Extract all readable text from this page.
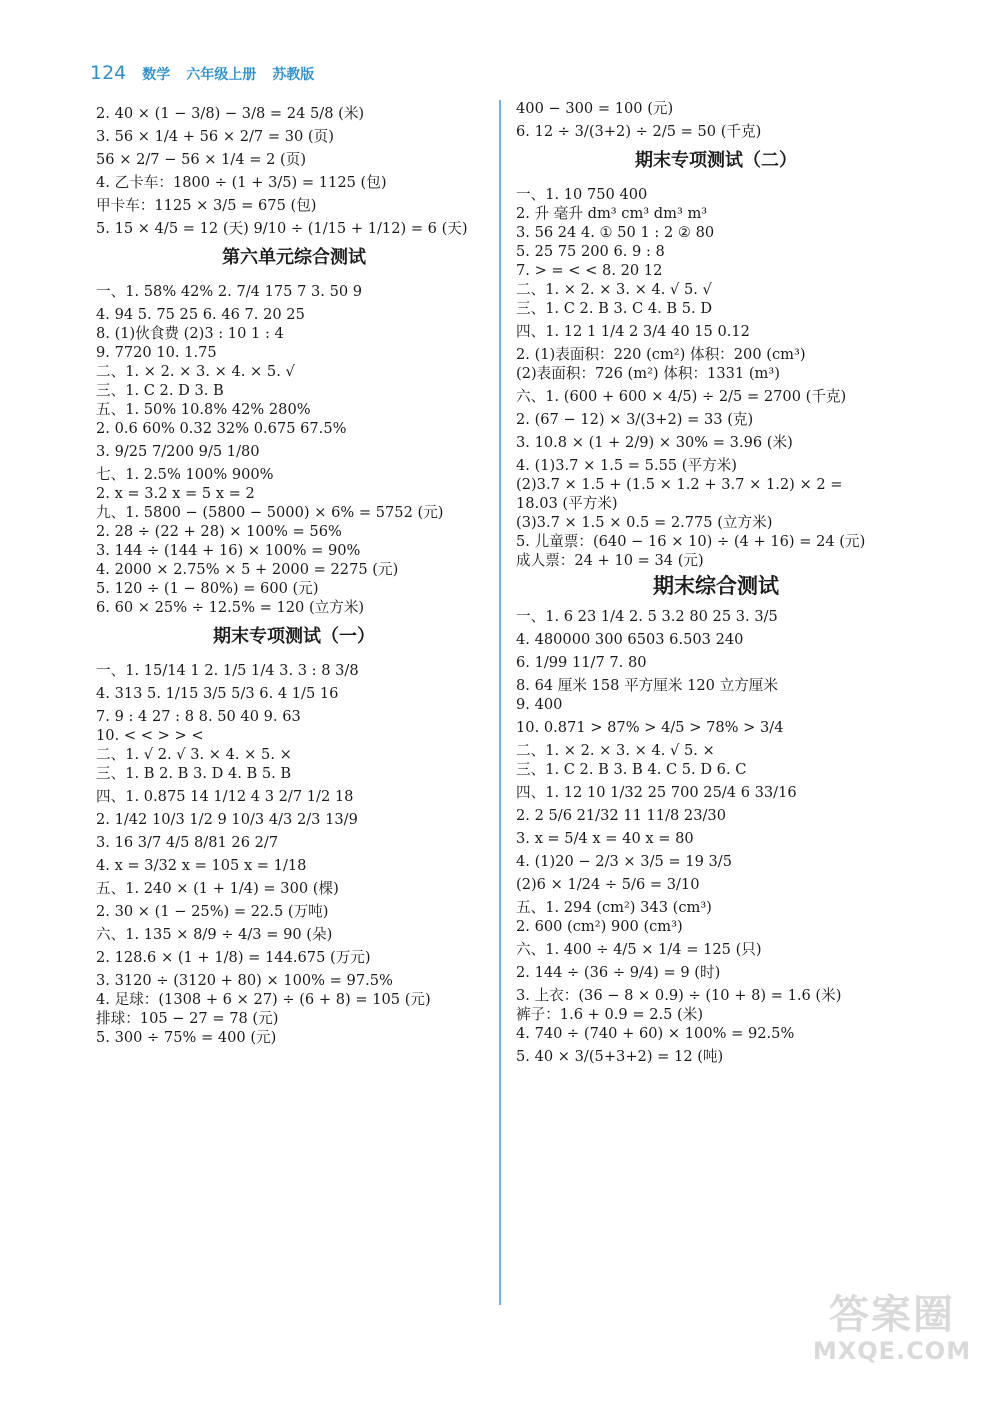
124 数学 六年级上册 苏教版
2. 40 × (1 − 3/8) − 3/8 = 24 5/8 (米)
3. 56 × 1/4 + 56 × 2/7 = 30 (页)
56 × 2/7 − 56 × 1/4 = 2 (页)
4. 乙卡车：1800 ÷ (1 + 3/5) = 1125 (包)
甲卡车：1125 × 3/5 = 675 (包)
5. 15 × 4/5 = 12 (天) 9/10 ÷ (1/15 + 1/12) = 6 (天)
第六单元综合测试
一、1. 58% 42% 2. 7/4 175 7 3. 50 9
4. 94 5. 75 25 6. 46 7. 20 25
8. (1)伙食费 (2)3 : 10 1 : 4
9. 7720 10. 1.75
二、1. × 2. × 3. × 4. × 5. √
三、1. C 2. D 3. B
五、1. 50% 10.8% 42% 280%
2. 0.6 60% 0.32 32% 0.675 67.5%
3. 9/25 7/200 9/5 1/80
七、1. 2.5% 100% 900%
2. x = 3.2 x = 5 x = 2
九、1. 5800 − (5800 − 5000) × 6% = 5752 (元)
2. 28 ÷ (22 + 28) × 100% = 56%
3. 144 ÷ (144 + 16) × 100% = 90%
4. 2000 × 2.75% × 5 + 2000 = 2275 (元)
5. 120 ÷ (1 − 80%) = 600 (元)
6. 60 × 25% ÷ 12.5% = 120 (立方米)
期末专项测试（一）
一、1. 15/14 1 2. 1/5 1/4 3. 3 : 8 3/8
4. 313 5. 1/15 3/5 5/3 6. 4 1/5 16
7. 9 : 4 27 : 8 8. 50 40 9. 63
10. < < > > <
二、1. √ 2. √ 3. × 4. × 5. ×
三、1. B 2. B 3. D 4. B 5. B
四、1. 0.875 14 1/12 4 3 2/7 1/2 18
2. 1/42 10/3 1/2 9 10/3 4/3 2/3 13/9
3. 16 3/7 4/5 8/81 26 2/7
4. x = 3/32 x = 105 x = 1/18
五、1. 240 × (1 + 1/4) = 300 (棵)
2. 30 × (1 − 25%) = 22.5 (万吨)
六、1. 135 × 8/9 ÷ 4/3 = 90 (朵)
2. 128.6 × (1 + 1/8) = 144.675 (万元)
3. 3120 ÷ (3120 + 80) × 100% = 97.5%
4. 足球：(1308 + 6 × 27) ÷ (6 + 8) = 105 (元)
排球：105 − 27 = 78 (元)
5. 300 ÷ 75% = 400 (元)
400 − 300 = 100 (元)
6. 12 ÷ 3/(3+2) ÷ 2/5 = 50 (千克)
期末专项测试（二）
一、1. 10 750 400
2. 升 毫升 dm³ cm³ dm³ m³
3. 56 24 4. ① 50 1 : 2 ② 80
5. 25 75 200 6. 9 : 8
7. > = < < 8. 20 12
二、1. × 2. × 3. × 4. √ 5. √
三、1. C 2. B 3. C 4. B 5. D
四、1. 12 1 1/4 2 3/4 40 15 0.12
2. (1)表面积：220 (cm²) 体积：200 (cm³)
(2)表面积：726 (m²) 体积：1331 (m³)
六、1. (600 + 600 × 4/5) ÷ 2/5 = 2700 (千克)
2. (67 − 12) × 3/(3+2) = 33 (克)
3. 10.8 × (1 + 2/9) × 30% = 3.96 (米)
4. (1)3.7 × 1.5 = 5.55 (平方米)
(2)3.7 × 1.5 + (1.5 × 1.2 + 3.7 × 1.2) × 2 =
18.03 (平方米)
(3)3.7 × 1.5 × 0.5 = 2.775 (立方米)
5. 儿童票：(640 − 16 × 10) ÷ (4 + 16) = 24 (元)
成人票：24 + 10 = 34 (元)
期末综合测试
一、1. 6 23 1/4 2. 5 3.2 80 25 3. 3/5
4. 480000 300 6503 6.503 240
6. 1/99 11/7 7. 80
8. 64 厘米 158 平方厘米 120 立方厘米
9. 400
10. 0.871 > 87% > 4/5 > 78% > 3/4
二、1. × 2. × 3. × 4. √ 5. ×
三、1. C 2. B 3. B 4. C 5. D 6. C
四、1. 12 10 1/32 25 700 25/4 6 33/16
2. 2 5/6 21/32 11 11/8 23/30
3. x = 5/4 x = 40 x = 80
4. (1)20 − 2/3 × 3/5 = 19 3/5
(2)6 × 1/24 ÷ 5/6 = 3/10
五、1. 294 (cm²) 343 (cm³)
2. 600 (cm²) 900 (cm³)
六、1. 400 ÷ 4/5 × 1/4 = 125 (只)
2. 144 ÷ (36 ÷ 9/4) = 9 (时)
3. 上衣：(36 − 8 × 0.9) ÷ (10 + 8) = 1.6 (米)
裤子：1.6 + 0.9 = 2.5 (米)
4. 740 ÷ (740 + 60) × 100% = 92.5%
5. 40 × 3/(5+3+2) = 12 (吨)
答案圈
MXQE.COM
